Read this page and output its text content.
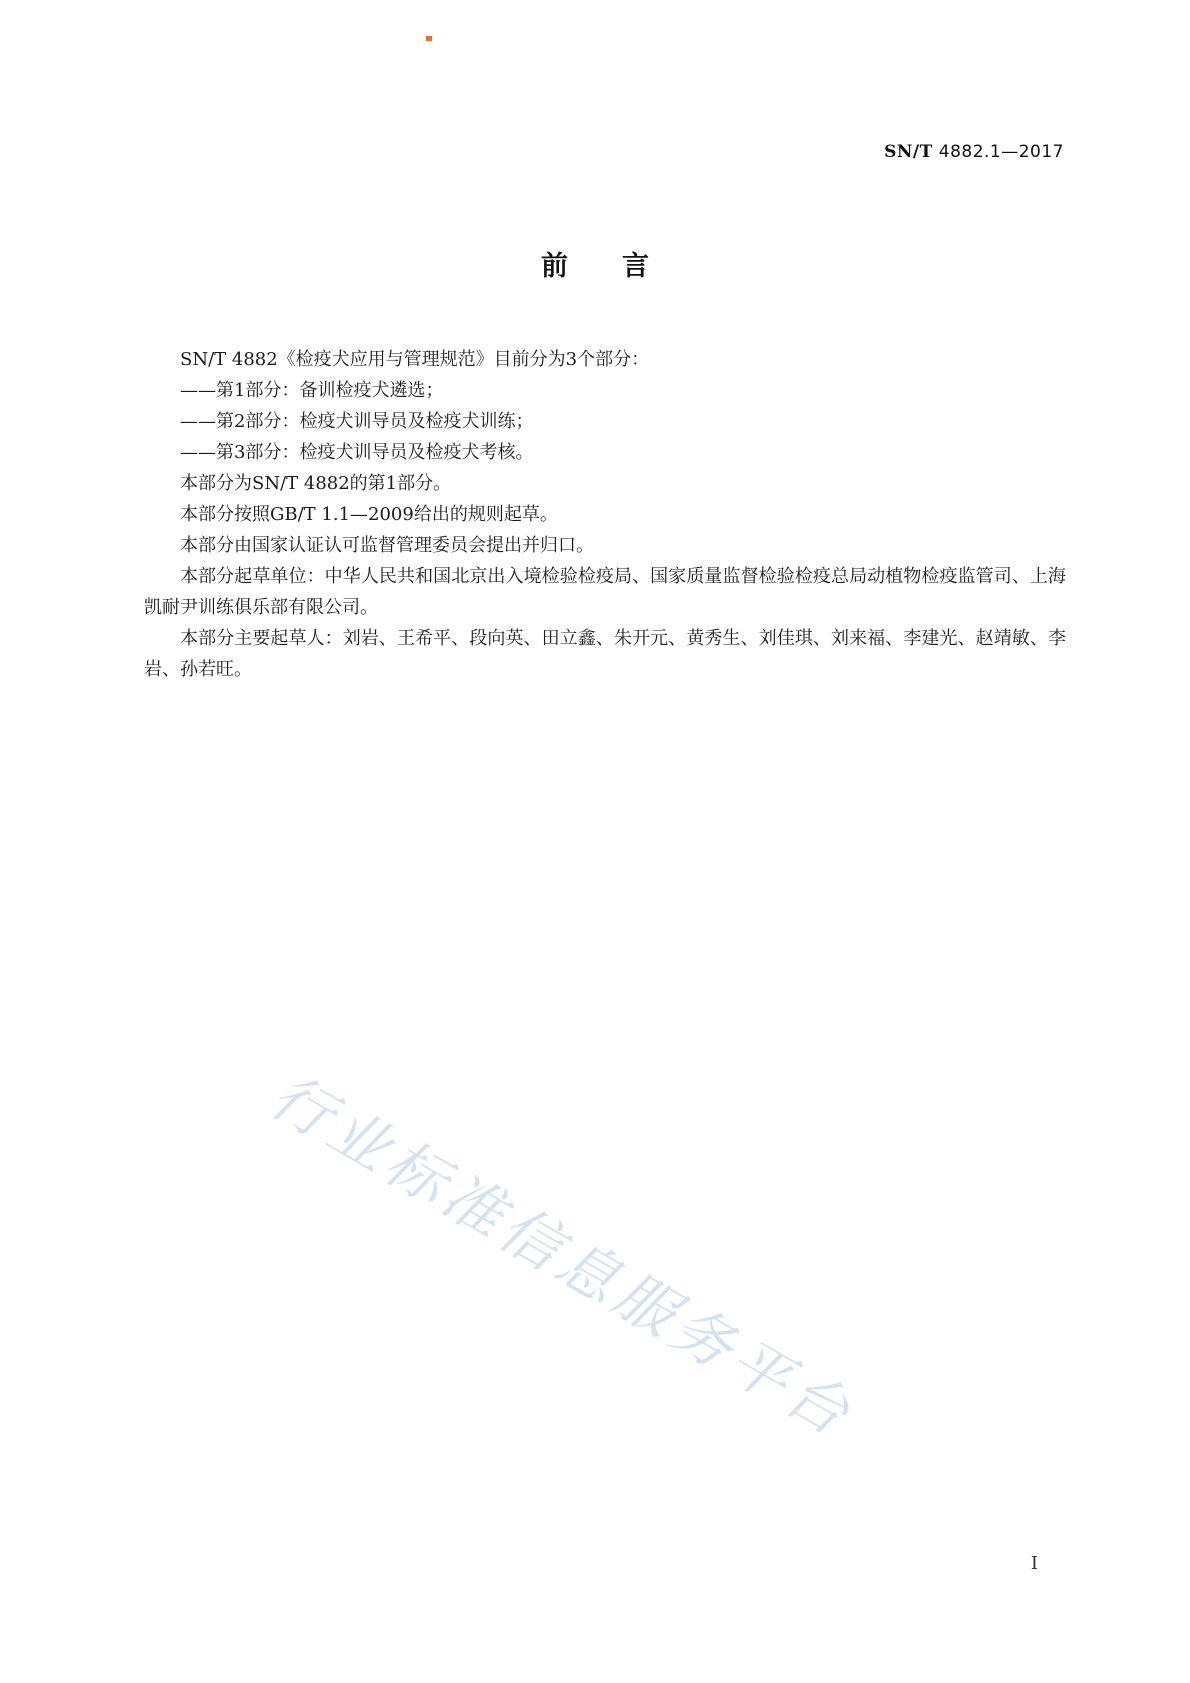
SN/T 4882.1—2017
前言

SN/T 4882《检疫犬应用与管理规范》目前分为3个部分：

——第1部分：备训检疫犬遴选；

——第2部分：检疫犬训导员及检疫犬训练；

——第3部分：检疫犬训导员及检疫犬考核。

本部分为SN/T 4882的第1部分。

本部分按照GB/T 1.1—2009给出的规则起草。

本部分由国家认证认可监督管理委员会提出并归口。

本部分起草单位：中华人民共和国北京出入境检验检疫局、国家质量监督检验检疫总局动植物检疫监管司、上海凯耐尹训练俱乐部有限公司。

本部分主要起草人：刘岩、王希平、段向英、田立鑫、朱开元、黄秀生、刘佳琪、刘来福、李建光、赵靖敏、李岩、孙若旺。

行业标准信息服务平台
I
